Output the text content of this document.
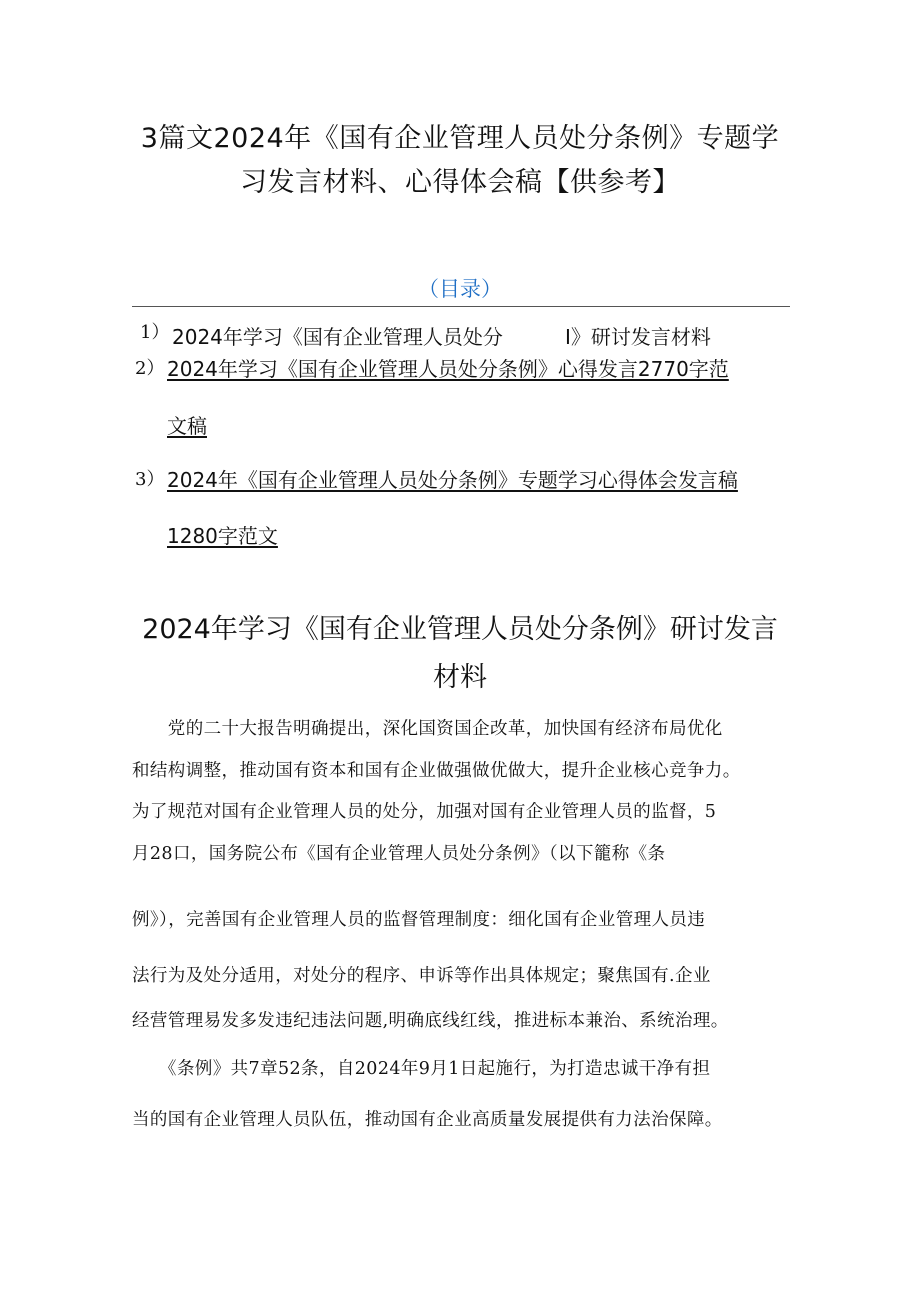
3篇文2024年《国有企业管理人员处分条例》专题学
习发言材料、心得体会稿【供参考】
（目录）
1） 2024年学习《国有企业管理人员处分	I》研讨发言材料
2） 2024年学习《国有企业管理人员处分条例》心得发言2770字范
文稿
3） 2024年《国有企业管理人员处分条例》专题学习心得体会发言稿
1280字范文
2024年学习《国有企业管理人员处分条例》研讨发言
材料
　　党的二十大报告明确提出，深化国资国企改革，加快国有经济布局优化
和结构调整，推动国有资本和国有企业做强做优做大，提升企业核心竞争力。
为了规范对国有企业管理人员的处分，加强对国有企业管理人员的监督，5
月28口，国务院公布《国有企业管理人员处分条例》（以下籠称《条
例》），完善国有企业管理人员的监督管理制度：细化国有企业管理人员违
法行为及处分适用，对处分的程序、申诉等作出具体规定；聚焦国有.企业
经营管理易发多发违纪违法问题,明确底线红线，推进标本兼治、系统治理。
　　《条例》共7章52条，自2024年9月1日起施行，为打造忠诚干净有担
当的国有企业管理人员队伍，推动国有企业高质量发展提供有力法治保障。
